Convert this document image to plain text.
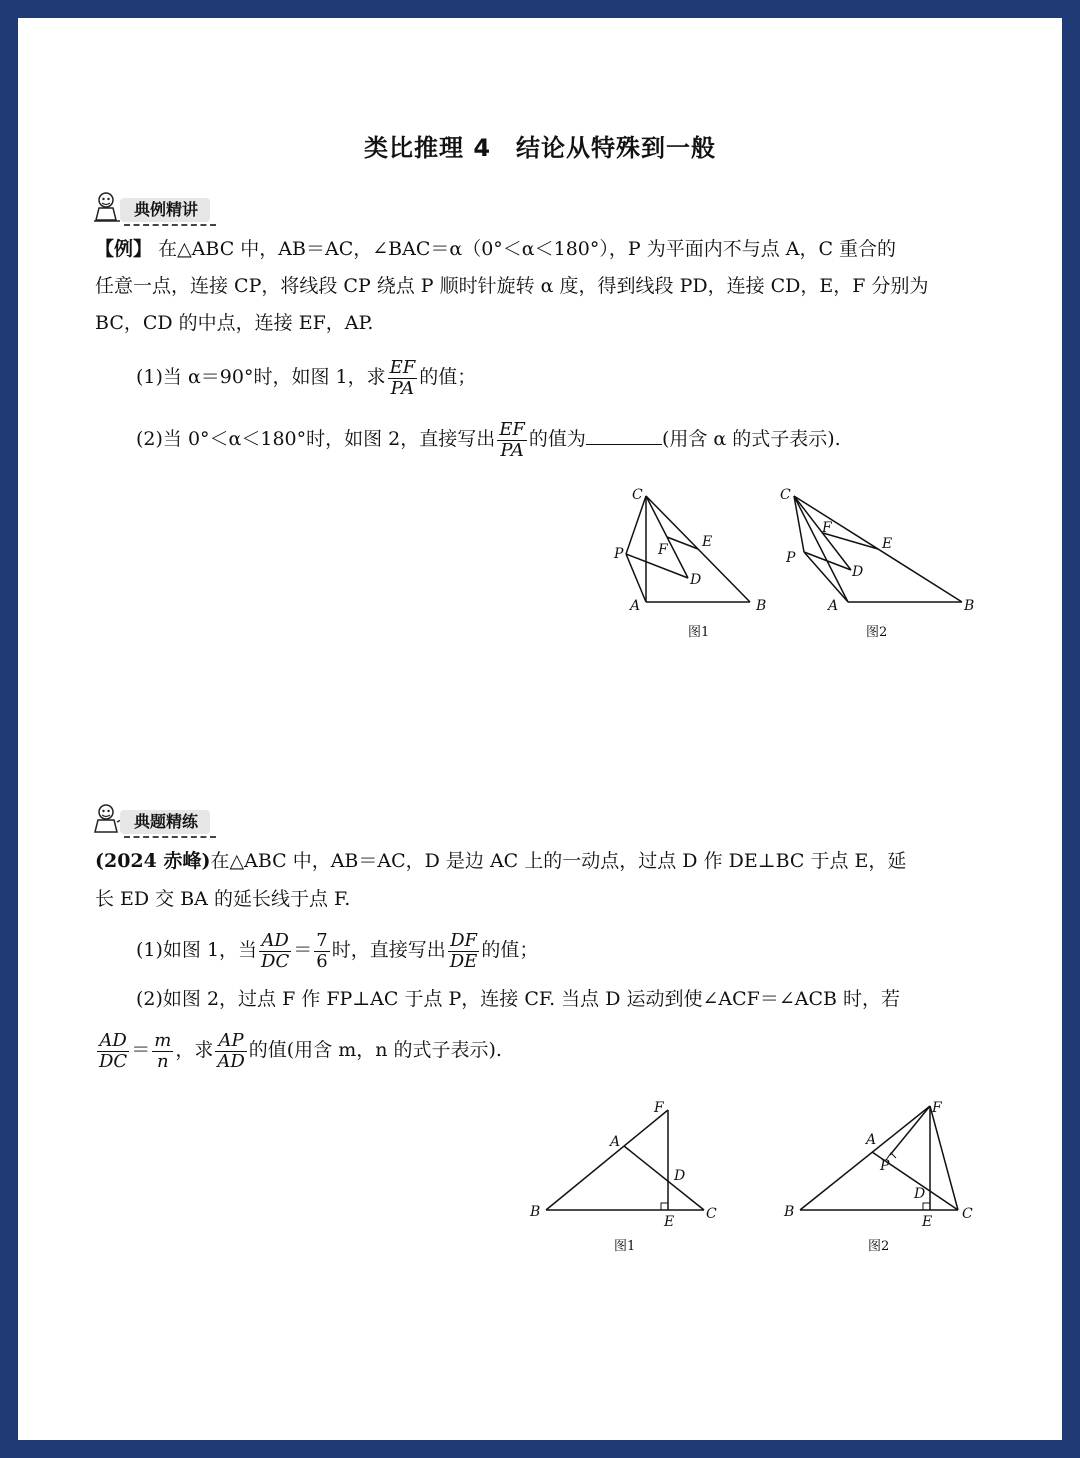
类比推理 4　结论从特殊到一般
典例精讲
【例】 在△ABC 中，AB＝AC，∠BAC＝α（0°＜α＜180°），P 为平面内不与点 A，C 重合的
任意一点，连接 CP，将线段 CP 绕点 P 顺时针旋转 α 度，得到线段 PD，连接 CD，E，F 分别为
BC，CD 的中点，连接 EF，AP.
(1)当 α＝90°时，如图 1，求 $\frac{EF}{PA}$ 的值；
(2)当 0°＜α＜180°时，如图 2，直接写出 $\frac{EF}{PA}$ 的值为	(用含 α 的式子表示).
C
P F E
D
A	B
图1
C
P
F
E
D
A	B
图2
典题精练
(2024 赤峰)在△ABC 中，AB＝AC，D 是边 AC 上的一动点，过点 D 作 DE⊥BC 于点 E，延
长 ED 交 BA 的延长线于点 F.
(1)如图 1，当 $\frac{AD}{DC} = \frac{7}{6}$ 时，直接写出 $\frac{DF}{DE}$ 的值；
(2)如图 2，过点 F 作 FP⊥AC 于点 P，连接 CF. 当点 D 运动到使∠ACF＝∠ACB 时，若
$\frac{AD}{DC} = \frac{m}{n}$ ，求 $\frac{AP}{AD}$ 的值(用含 m，n 的式子表示).
F
A
D
B
E C
图1
F
A
P
D
B
E C
图2
